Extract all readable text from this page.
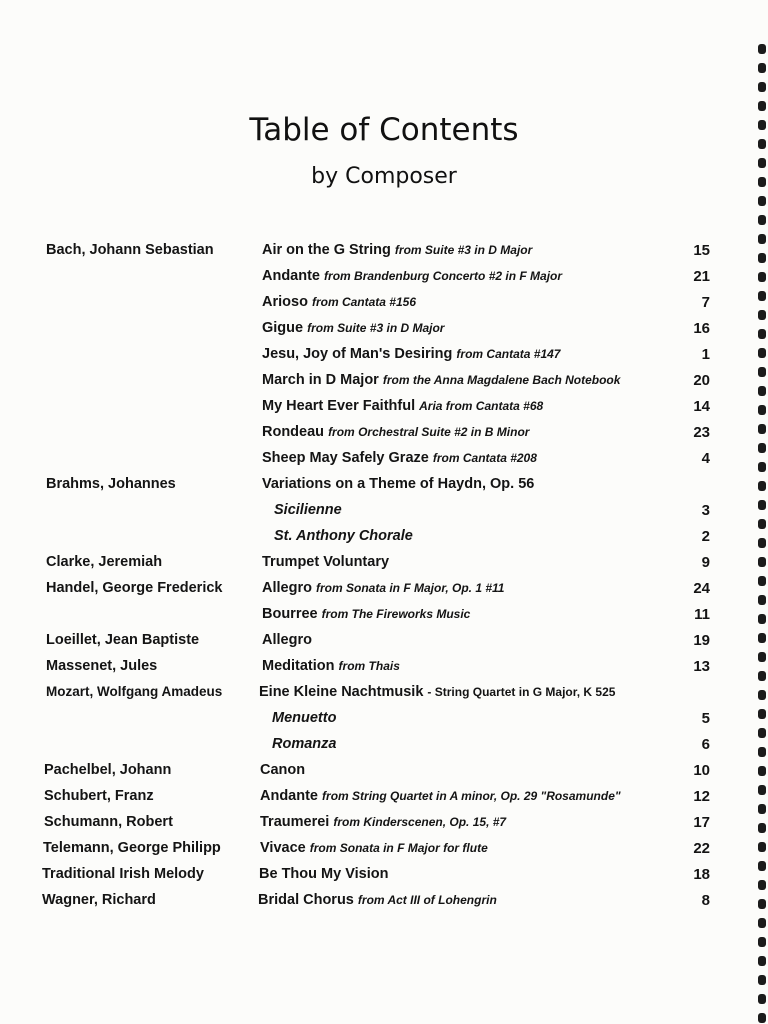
Table of Contents
by Composer
Bach, Johann Sebastian	Air on the G String from Suite #3 in D Major	15
Andante from Brandenburg Concerto #2 in F Major	21
Arioso from Cantata #156	7
Gigue from Suite #3 in D Major	16
Jesu, Joy of Man's Desiring from Cantata #147	1
March in D Major from the Anna Magdalene Bach Notebook	20
My Heart Ever Faithful Aria from Cantata #68	14
Rondeau from Orchestral Suite #2 in B Minor	23
Sheep May Safely Graze from Cantata #208	4
Brahms, Johannes	Variations on a Theme of Haydn, Op. 56
Sicilienne	3
St. Anthony Chorale	2
Clarke, Jeremiah	Trumpet Voluntary	9
Handel, George Frederick	Allegro from Sonata in F Major, Op. 1 #11	24
Bourree from The Fireworks Music	11
Loeillet, Jean Baptiste	Allegro	19
Massenet, Jules	Meditation from Thais	13
Mozart, Wolfgang Amadeus	Eine Kleine Nachtmusik - String Quartet in G Major, K 525
Menuetto	5
Romanza	6
Pachelbel, Johann	Canon	10
Schubert, Franz	Andante from String Quartet in A minor, Op. 29 "Rosamunde"	12
Schumann, Robert	Traumerei from Kinderscenen, Op. 15, #7	17
Telemann, George Philipp	Vivace from Sonata in F Major for flute	22
Traditional Irish Melody	Be Thou My Vision	18
Wagner, Richard	Bridal Chorus from Act III of Lohengrin	8
